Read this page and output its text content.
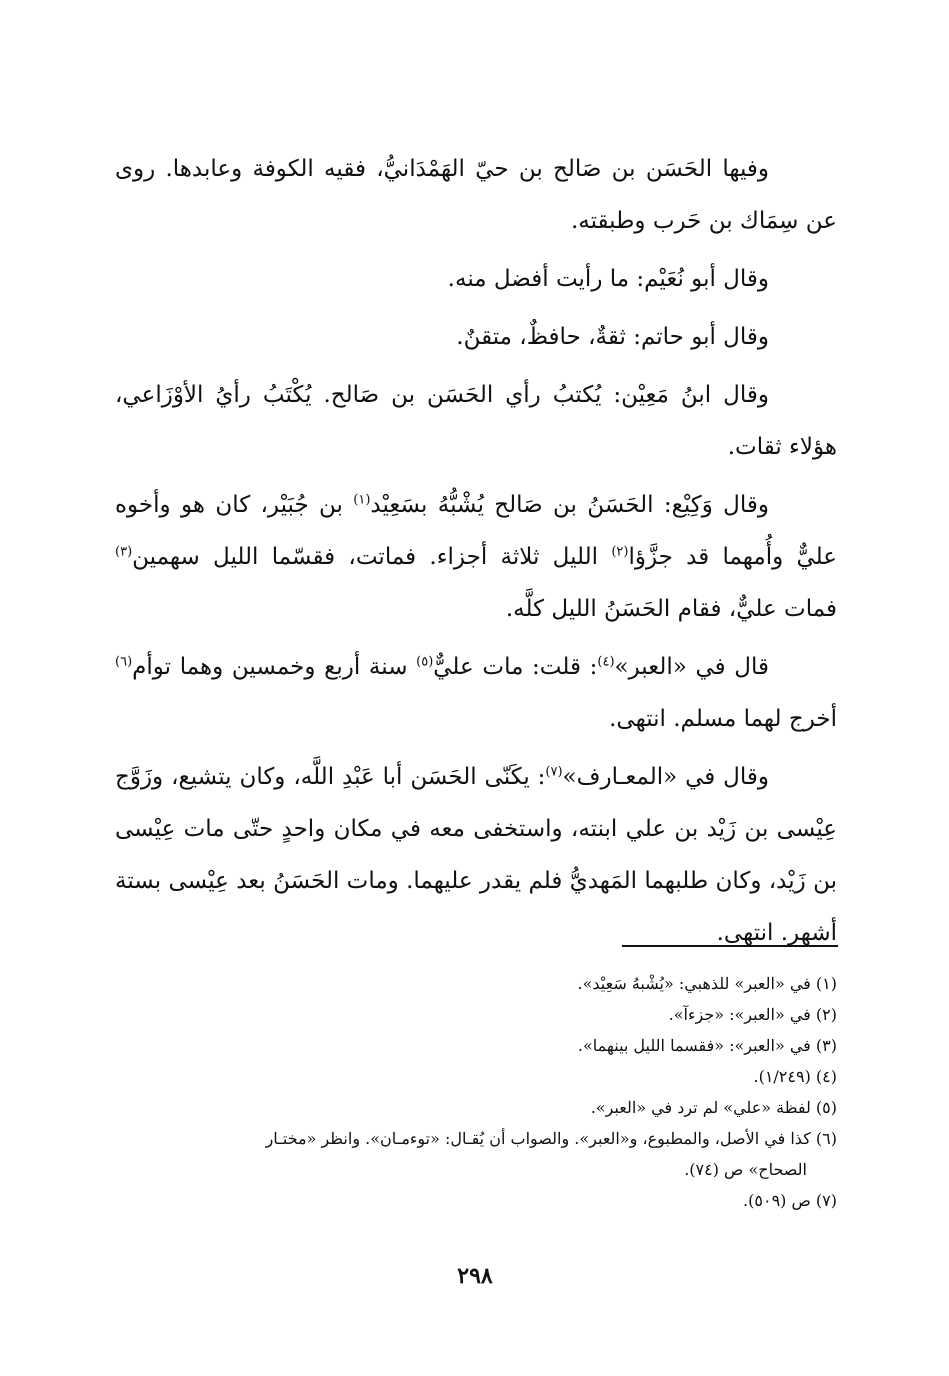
وفيها الحَسَن بن صَالح بن حيّ الهَمْدَانيُّ، فقيه الكوفة وعابدها. روى عن سِمَاك بن حَرب وطبقته.

وقال أبو نُعَيْم: ما رأيت أفضل منه.

وقال أبو حاتم: ثقةٌ، حافظٌ، متقنٌ.

وقال ابنُ مَعِيْن: يُكتبُ رأي الحَسَن بن صَالح. يُكْتَبُ رأيُ الأوْزَاعي، هؤلاء ثقات.

وقال وَكِيْع: الحَسَنُ بن صَالح يُشْبُّهُ بسَعِيْد$^{(١)}$ بن جُبَيْر، كان هو وأخوه عليٌّ وأُمهما قد جزَّؤا$^{(٢)}$ الليل ثلاثة أجزاء. فماتت، فقسّما الليل سهمين$^{(٣)}$ فمات عليٌّ، فقام الحَسَنُ الليل كلَّه.

قال في «العبر»$^{(٤)}$: قلت: مات عليٌّ$^{(٥)}$ سنة أربع وخمسين وهما توأم$^{(٦)}$ أخرج لهما مسلم. انتهى.

وقال في «المعـارف»$^{(٧)}$: يكَنّى الحَسَن أبا عَبْدِ اللَّه، وكان يتشيع، وزَوَّج عِيْسى بن زَيْد بن علي ابنته، واستخفى معه في مكان واحدٍ حتّى مات عِيْسى بن زَيْد، وكان طلبهما المَهديُّ فلم يقدر عليهما. ومات الحَسَنُ بعد عِيْسى بستة أشهر. انتهى.

(١) في «العبر» للذهبي: «يُشْبهُ سَعِيْد».

(٢) في «العبر»: «جزءآ».

(٣) في «العبر»: «فقسما الليل بينهما».

(٤) (١/٢٤٩).

(٥) لفظة «علي» لم ترد في «العبر».

(٦) كذا في الأصل، والمطبوع، و«العبر». والصواب أن يُقـال: «توءمـان». وانظر «مختـار

الصحاح» ص (٧٤).

(٧) ص (٥٠٩).

٢٩٨
